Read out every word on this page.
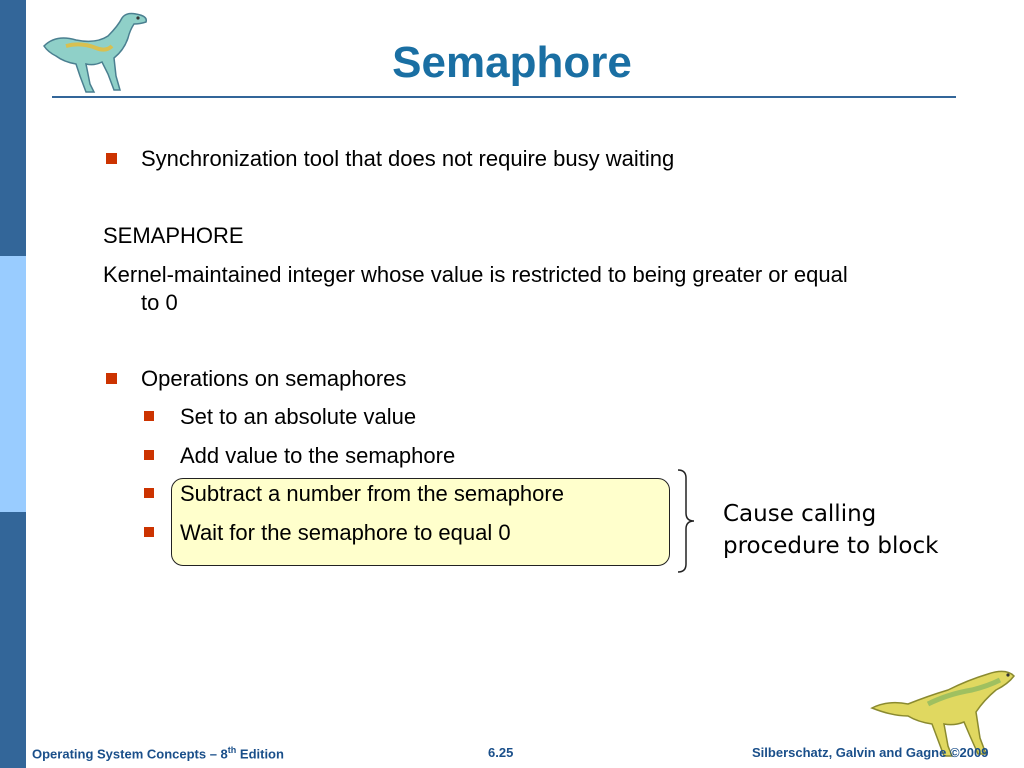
Semaphore
Synchronization tool that does not require busy waiting
SEMAPHORE
Kernel-maintained integer whose value is restricted to being greater or equal
to 0
Operations on semaphores
Set to an absolute value
Add value to the semaphore
Subtract a number from the semaphore
Wait for the semaphore to equal 0
Cause calling
procedure to block
Operating System Concepts – 8th Edition	6.25	Silberschatz, Galvin and Gagne ©2009
